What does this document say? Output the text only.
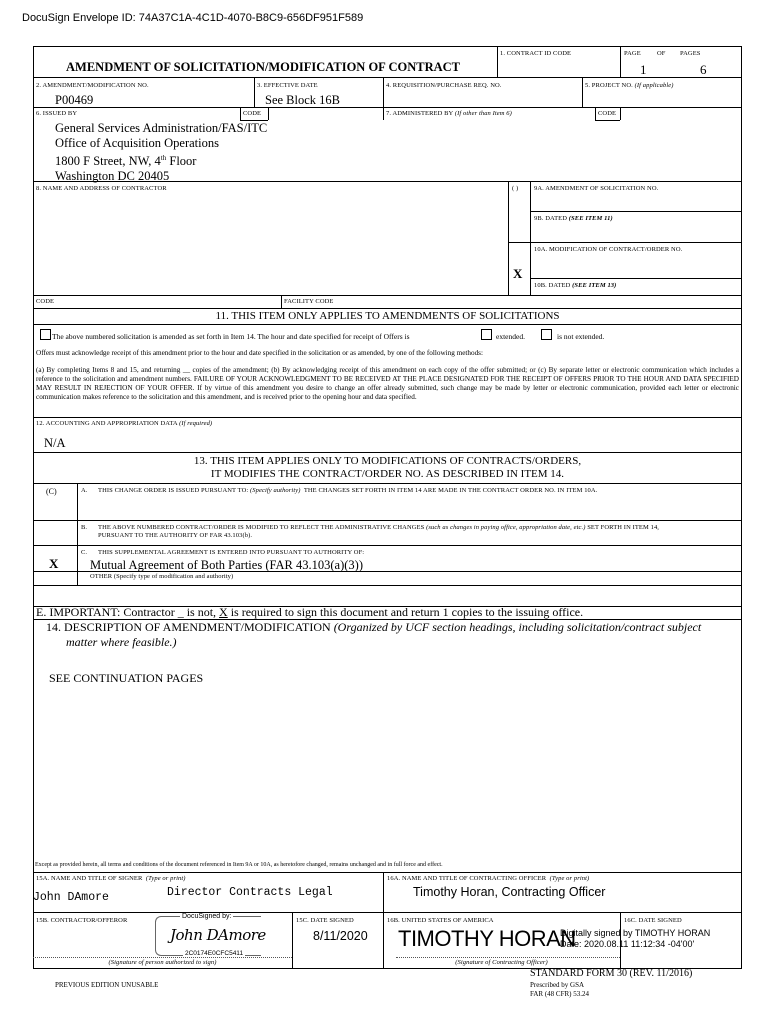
DocuSign Envelope ID: 74A37C1A-4C1D-4070-B8C9-656DF951F589
1. CONTRACT ID CODE	PAGE OF PAGES
AMENDMENT OF SOLICITATION/MODIFICATION OF CONTRACT	1	6
2. AMENDMENT/MODIFICATION NO.
P00469
3. EFFECTIVE DATE
See Block 16B
4. REQUISITION/PURCHASE REQ. NO.	5. PROJECT NO. (If applicable)
6. ISSUED BY	CODE	7. ADMINISTERED BY (If other than Item 6)	CODE
General Services Administration/FAS/ITC
Office of Acquisition Operations
1800 F Street, NW, 4th Floor
Washington DC 20405
8. NAME AND ADDRESS OF CONTRACTOR	( ) 9A. AMENDMENT OF SOLICITATION NO.
9B. DATED (SEE ITEM 11)
10A. MODIFICATION OF CONTRACT/ORDER NO.
X
10B. DATED (SEE ITEM 13)
CODE	FACILITY CODE
11. THIS ITEM ONLY APPLIES TO AMENDMENTS OF SOLICITATIONS
The above numbered solicitation is amended as set forth in Item 14. The hour and date specified for receipt of Offers is	extended.	is not extended.
Offers must acknowledge receipt of this amendment prior to the hour and date specified in the solicitation or as amended, by one of the following methods:
(a) By completing Items 8 and 15, and returning __ copies of the amendment; (b) By acknowledging receipt of this amendment on each copy of the offer submitted; or (c) By separate letter or electronic communication which includes a reference to the solicitation and amendment numbers. FAILURE OF YOUR ACKNOWLEDGMENT TO BE RECEIVED AT THE PLACE DESIGNATED FOR THE RECEIPT OF OFFERS PRIOR TO THE HOUR AND DATA SPECIFIED MAY RESULT IN REJECTION OF YOUR OFFER. If by virtue of this amendment you desire to change an offer already submitted, such change may be made by letter or electronic communication, provided each letter or electronic communication makes reference to the solicitation and this amendment, and is received prior to the opening hour and data specified.
12. ACCOUNTING AND APPROPRIATION DATA (If required)
N/A
13. THIS ITEM APPLIES ONLY TO MODIFICATIONS OF CONTRACTS/ORDERS,
IT MODIFIES THE CONTRACT/ORDER NO. AS DESCRIBED IN ITEM 14.
(C)	A. THIS CHANGE ORDER IS ISSUED PURSUANT TO: (Specify authority) THE CHANGES SET FORTH IN ITEM 14 ARE MADE IN THE CONTRACT ORDER NO. IN ITEM 10A.
B. THE ABOVE NUMBERED CONTRACT/ORDER IS MODIFIED TO REFLECT THE ADMINISTRATIVE CHANGES (such as changes in paying office, appropriation date, etc.) SET FORTH IN ITEM 14,
PURSUANT TO THE AUTHORITY OF FAR 43.103(b).
C. THIS SUPPLEMENTAL AGREEMENT IS ENTERED INTO PURSUANT TO AUTHORITY OF:
X	Mutual Agreement of Both Parties (FAR 43.103(a)(3))
OTHER (Specify type of modification and authority)
E. IMPORTANT: Contractor _ is not, X is required to sign this document and return 1 copies to the issuing office.
14. DESCRIPTION OF AMENDMENT/MODIFICATION (Organized by UCF section headings, including solicitation/contract subject
matter where feasible.)
SEE CONTINUATION PAGES
Except as provided herein, all terms and conditions of the document referenced in Item 9A or 10A, as heretofore changed, remains unchanged and in full force and effect.
15A. NAME AND TITLE OF SIGNER (Type or print)	16A. NAME AND TITLE OF CONTRACTING OFFICER (Type or print)
John DAmore	Director Contracts Legal	Timothy Horan, Contracting Officer
15B. CONTRACTOR/OFFEROR
DocuSigned by:
John DAmore
2C0174E0CFC5411
15C. DATE SIGNED
8/11/2020
16B. UNITED STATES OF AMERICA
TIMOTHY HORAN
Digitally signed by TIMOTHY HORAN
Date: 2020.08.11 11:12:34 -04'00'
16C. DATE SIGNED
(Signature of person authorized to sign)	(Signature of Contracting Officer)
PREVIOUS EDITION UNUSABLE
STANDARD FORM 30 (REV. 11/2016)
Prescribed by GSA
FAR (48 CFR) 53.24
